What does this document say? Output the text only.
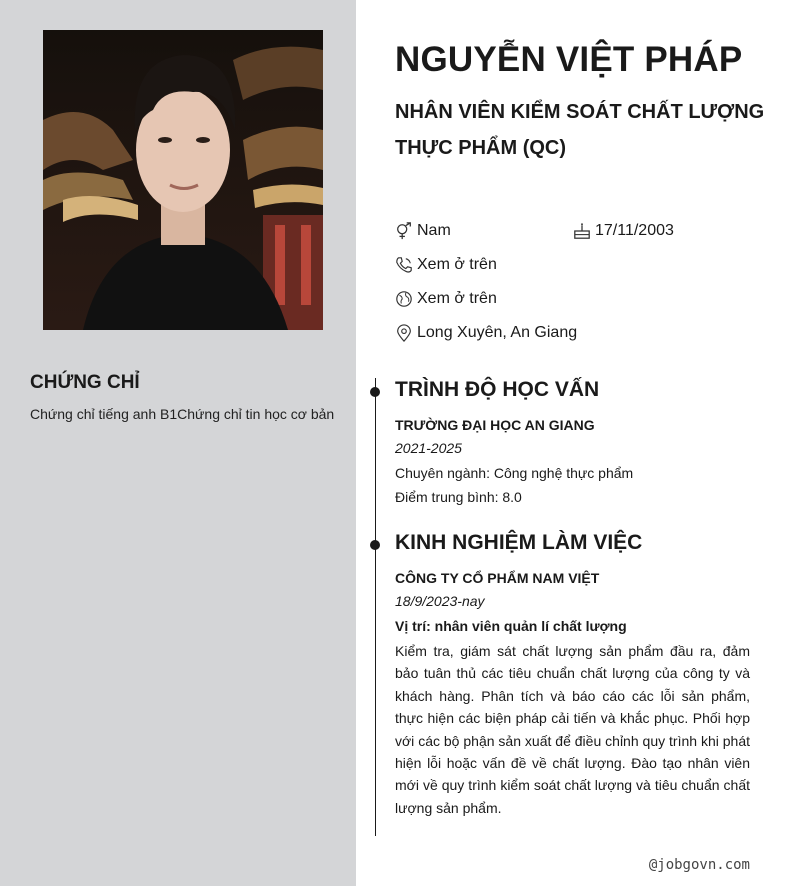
CHỨNG CHỈ
Chứng chỉ tiếng anh B1Chứng chỉ tin học cơ bản
NGUYỄN VIỆT PHÁP
NHÂN VIÊN KIỂM SOÁT CHẤT LƯỢNG THỰC PHẨM (QC)
Nam	17/11/2003
Xem ở trên
Xem ở trên
Long Xuyên, An Giang
TRÌNH ĐỘ HỌC VẤN
TRƯỜNG ĐẠI HỌC AN GIANG
2021-2025
Chuyên ngành: Công nghệ thực phẩm
Điểm trung bình: 8.0
KINH NGHIỆM LÀM VIỆC
CÔNG TY CỔ PHẨM NAM VIỆT
18/9/2023-nay
Vị trí: nhân viên quản lí chất lượng

Kiểm tra, giám sát chất lượng sản phẩm đầu ra, đảm bảo tuân thủ các tiêu chuẩn chất lượng của công ty và khách hàng. Phân tích và báo cáo các lỗi sản phẩm, thực hiện các biện pháp cải tiến và khắc phục. Phối hợp với các bộ phận sản xuất để điều chỉnh quy trình khi phát hiện lỗi hoặc vấn đề về chất lượng. Đào tạo nhân viên mới về quy trình kiểm soát chất lượng và tiêu chuẩn chất lượng sản phẩm.

@jobgovn.com
